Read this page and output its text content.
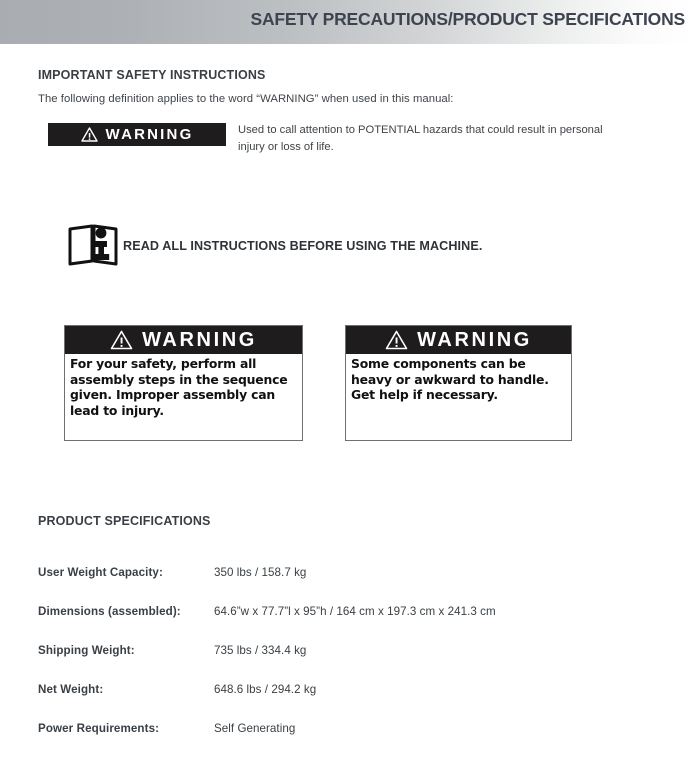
SAFETY PRECAUTIONS/PRODUCT SPECIFICATIONS
IMPORTANT SAFETY INSTRUCTIONS
The following definition applies to the word “WARNING” when used in this manual:
WARNING	Used to call attention to POTENTIAL hazards that could result in personal injury or loss of life.
READ ALL INSTRUCTIONS BEFORE USING THE MACHINE.
WARNING
For your safety, perform all assembly steps in the sequence given. Improper assembly can lead to injury.
WARNING
Some components can be heavy or awkward to handle. Get help if necessary.
PRODUCT SPECIFICATIONS
User Weight Capacity:	350 lbs / 158.7 kg
Dimensions (assembled):	64.6”w x 77.7”l x 95”h / 164 cm x 197.3 cm x 241.3 cm
Shipping Weight:	735 lbs / 334.4 kg
Net Weight:	648.6 lbs / 294.2 kg
Power Requirements:	Self Generating
